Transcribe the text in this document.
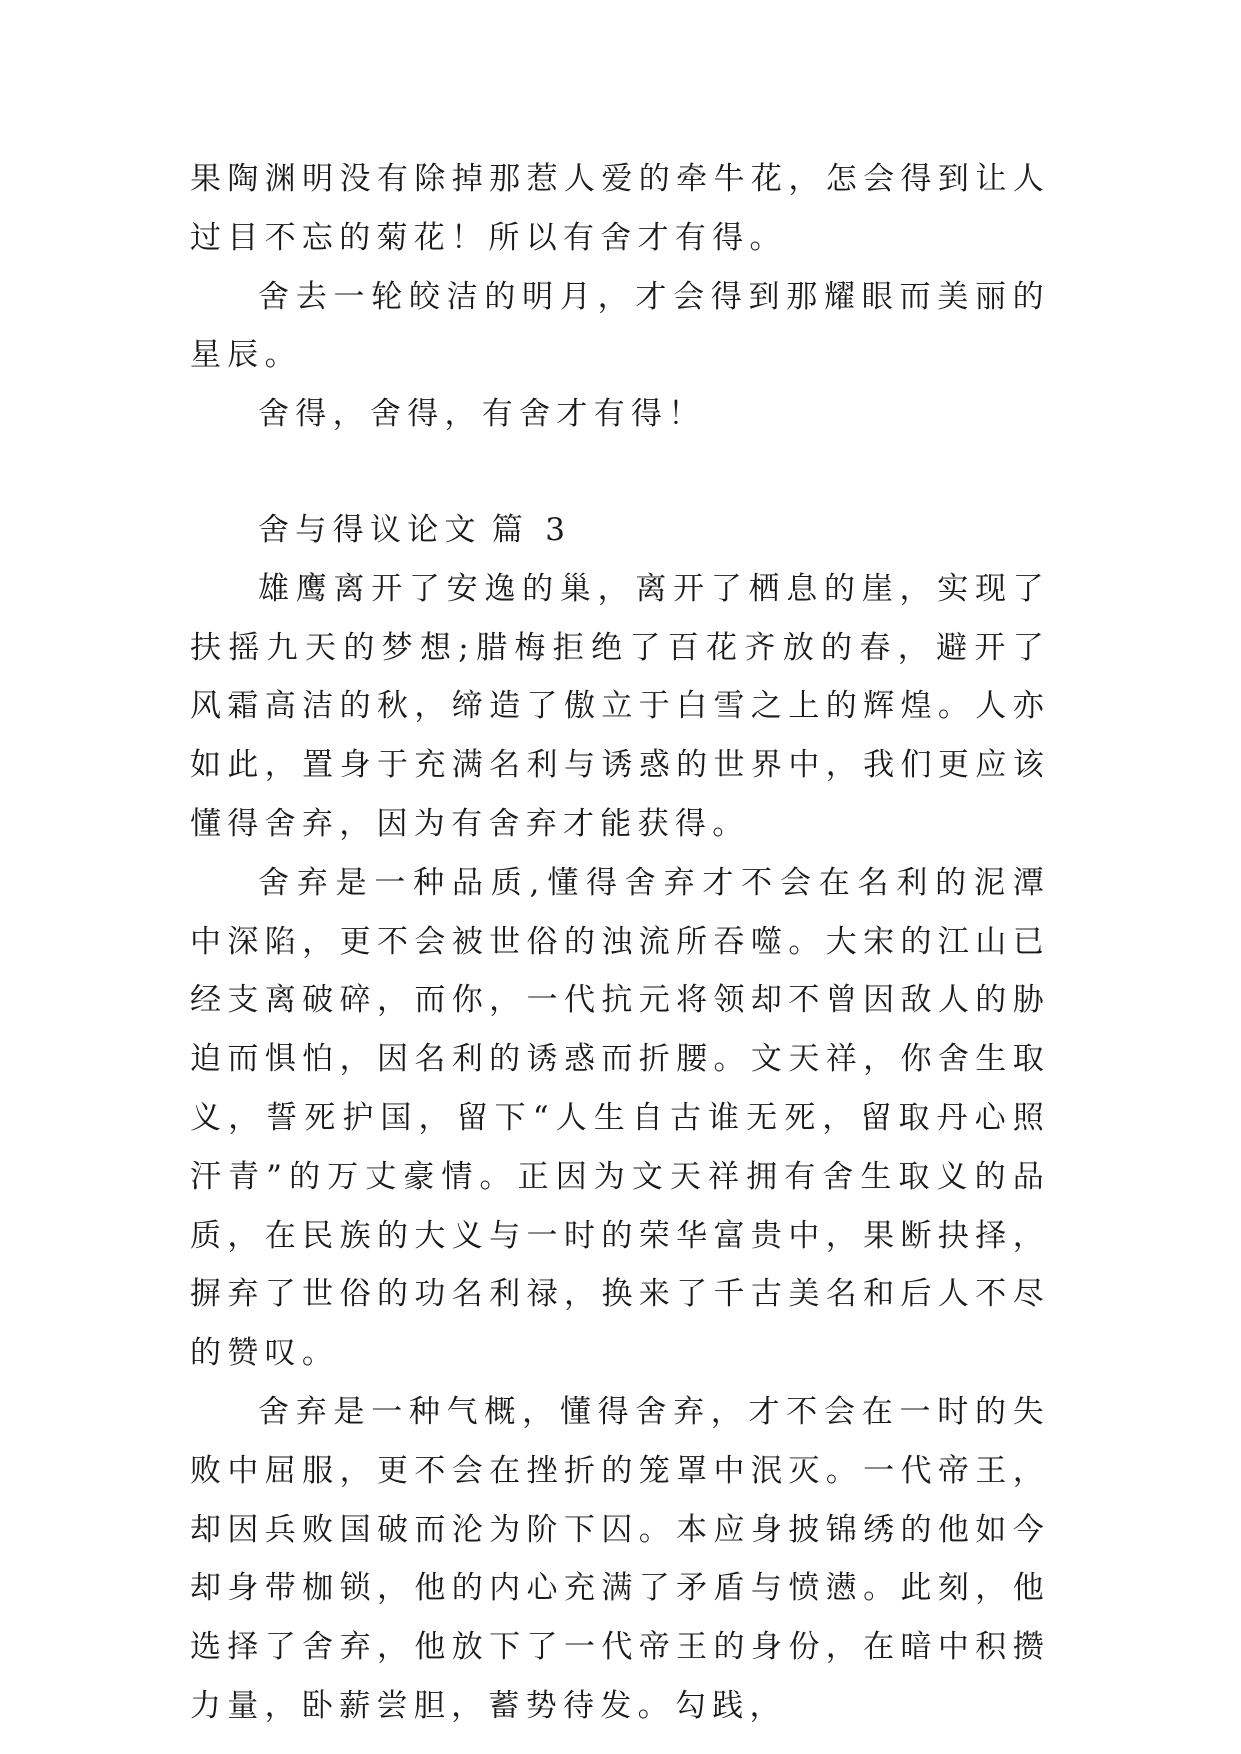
果陶渊明没有除掉那惹人爱的牵牛花，怎会得到让人过目不忘的菊花！所以有舍才有得。

舍去一轮皎洁的明月，才会得到那耀眼而美丽的星辰。

舍得，舍得，有舍才有得！

舍与得议论文 篇 3

雄鹰离开了安逸的巢，离开了栖息的崖，实现了扶摇九天的梦想;腊梅拒绝了百花齐放的春，避开了风霜高洁的秋，缔造了傲立于白雪之上的辉煌。人亦如此，置身于充满名利与诱惑的世界中，我们更应该懂得舍弃，因为有舍弃才能获得。

舍弃是一种品质,懂得舍弃才不会在名利的泥潭中深陷，更不会被世俗的浊流所吞噬。大宋的江山已经支离破碎，而你，一代抗元将领却不曾因敌人的胁迫而惧怕，因名利的诱惑而折腰。文天祥，你舍生取义，誓死护国，留下“人生自古谁无死，留取丹心照汗青”的万丈豪情。正因为文天祥拥有舍生取义的品质，在民族的大义与一时的荣华富贵中，果断抉择，摒弃了世俗的功名利禄，换来了千古美名和后人不尽的赞叹。

舍弃是一种气概，懂得舍弃，才不会在一时的失败中屈服，更不会在挫折的笼罩中泯灭。一代帝王，却因兵败国破而沦为阶下囚。本应身披锦绣的他如今却身带枷锁，他的内心充满了矛盾与愤懑。此刻，他选择了舍弃，他放下了一代帝王的身份，在暗中积攒力量，卧薪尝胆，蓄势待发。勾践，
